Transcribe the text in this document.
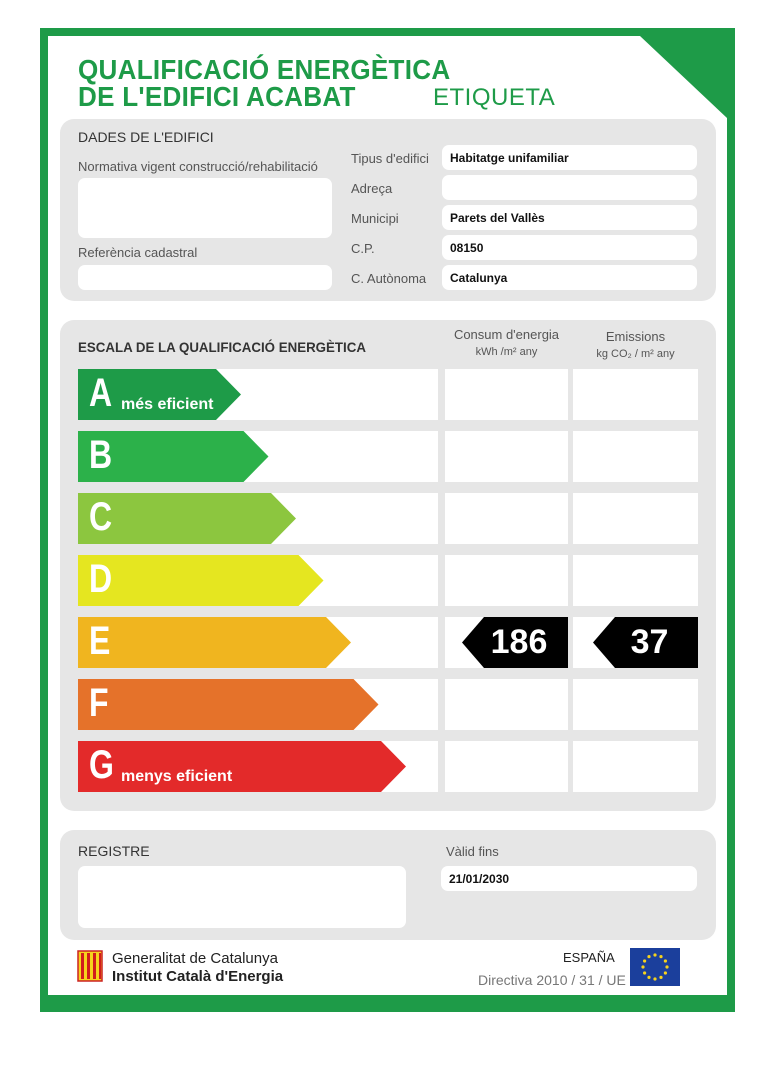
QUALIFICACIÓ ENERGÈTICA
DE L'EDIFICI ACABAT	ETIQUETA
DADES DE L'EDIFICI
Normativa vigent construcció/rehabilitació
Referència cadastral
Tipus d'edifici Habitatge unifamiliar
Adreça
Municipi	Parets del Vallès
C.P.	08150
C. Autònoma Catalunya
ESCALA DE LA QUALIFICACIÓ ENERGÈTICA
Consum d'energia
kWh /m² any
Emissions
kg CO₂ / m² any
A més eficient
B
C
D
E	186	37
F
G menys eficient
REGISTRE	Vàlid fins
21/01/2030
Generalitat de Catalunya
Institut Català d'Energia
ESPAÑA
Directiva 2010 / 31 / UE
